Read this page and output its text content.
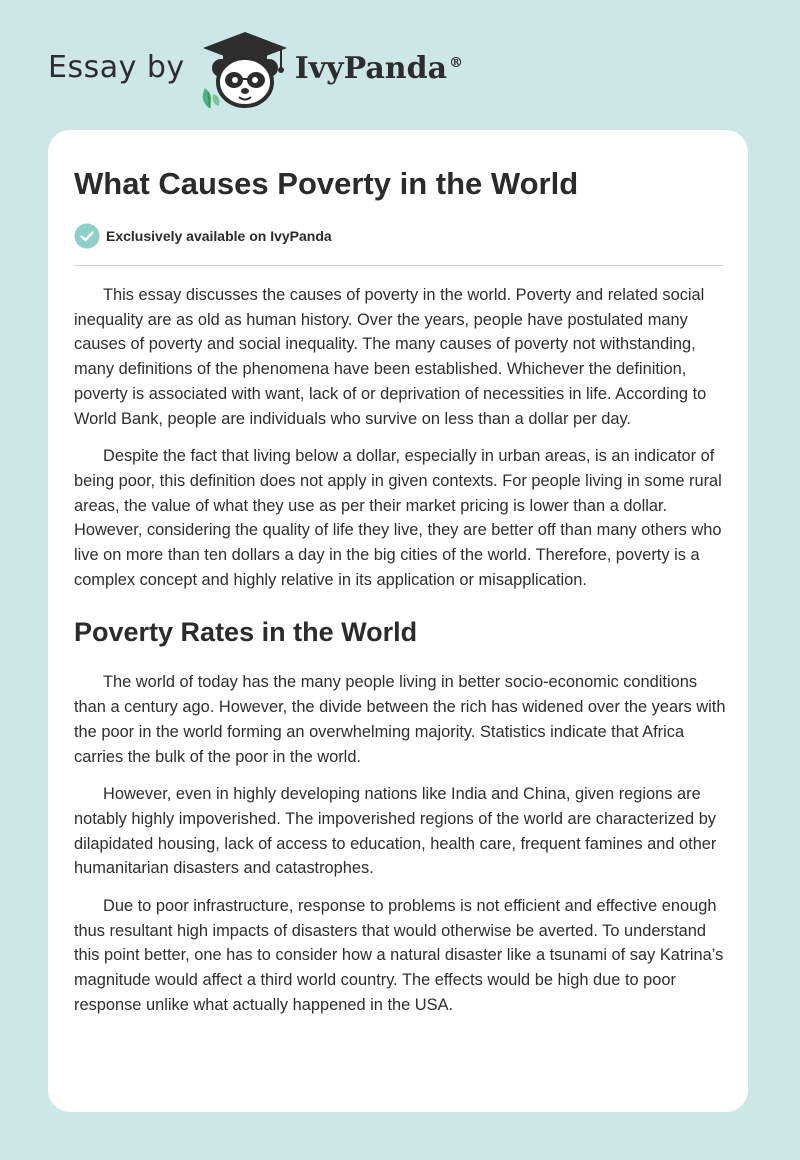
Essay by	IvyPanda ®
What Causes Poverty in the World
Exclusively available on IvyPanda

This essay discusses the causes of poverty in the world. Poverty and related social inequality are as old as human history. Over the years, people have postulated many causes of poverty and social inequality. The many causes of poverty not withstanding, many definitions of the phenomena have been established. Whichever the definition, poverty is associated with want, lack of or deprivation of necessities in life. According to World Bank, people are individuals who survive on less than a dollar per day.

Despite the fact that living below a dollar, especially in urban areas, is an indicator of being poor, this definition does not apply in given contexts. For people living in some rural areas, the value of what they use as per their market pricing is lower than a dollar. However, considering the quality of life they live, they are better off than many others who live on more than ten dollars a day in the big cities of the world. Therefore, poverty is a complex concept and highly relative in its application or misapplication.

Poverty Rates in the World

The world of today has the many people living in better socio-economic conditions than a century ago. However, the divide between the rich has widened over the years with the poor in the world forming an overwhelming majority. Statistics indicate that Africa carries the bulk of the poor in the world.

However, even in highly developing nations like India and China, given regions are notably highly impoverished. The impoverished regions of the world are characterized by dilapidated housing, lack of access to education, health care, frequent famines and other humanitarian disasters and catastrophes.

Due to poor infrastructure, response to problems is not efficient and effective enough thus resultant high impacts of disasters that would otherwise be averted. To understand this point better, one has to consider how a natural disaster like a tsunami of say Katrina’s magnitude would affect a third world country. The effects would be high due to poor response unlike what actually happened in the USA.
